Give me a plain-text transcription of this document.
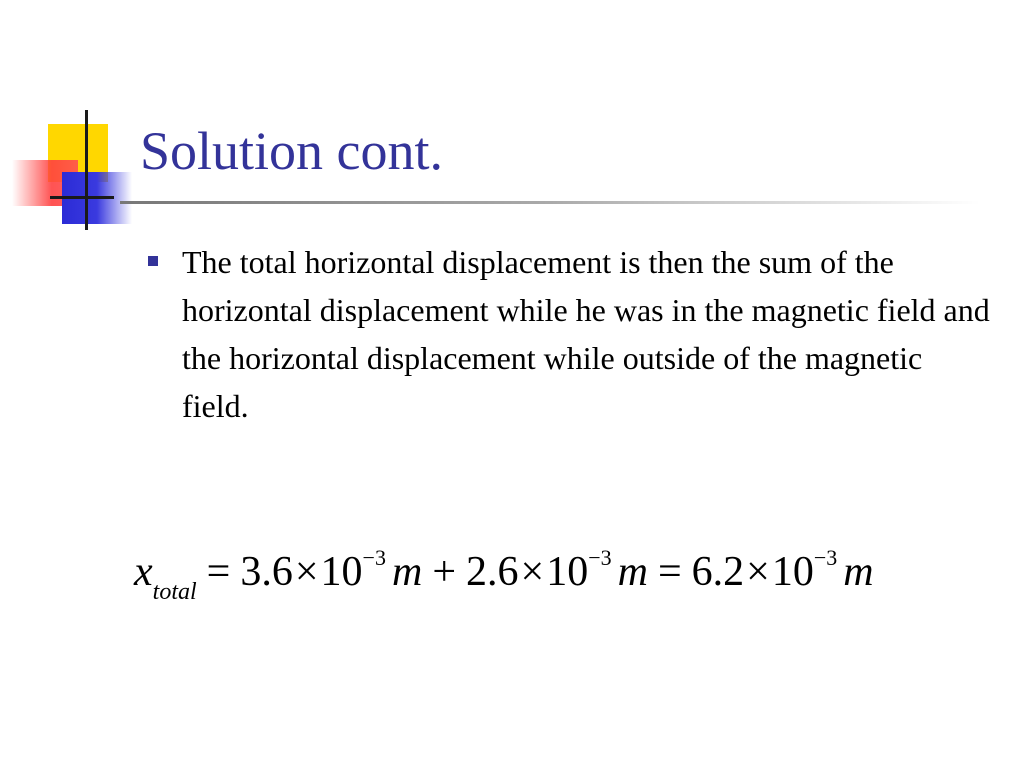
Solution cont.
The total horizontal displacement is then the sum of the horizontal displacement while he was in the magnetic field and the horizontal displacement while outside of the magnetic field.
x total = 3.6 × 10 −3 m + 2.6 × 10 −3 m = 6.2 × 10 −3 m
